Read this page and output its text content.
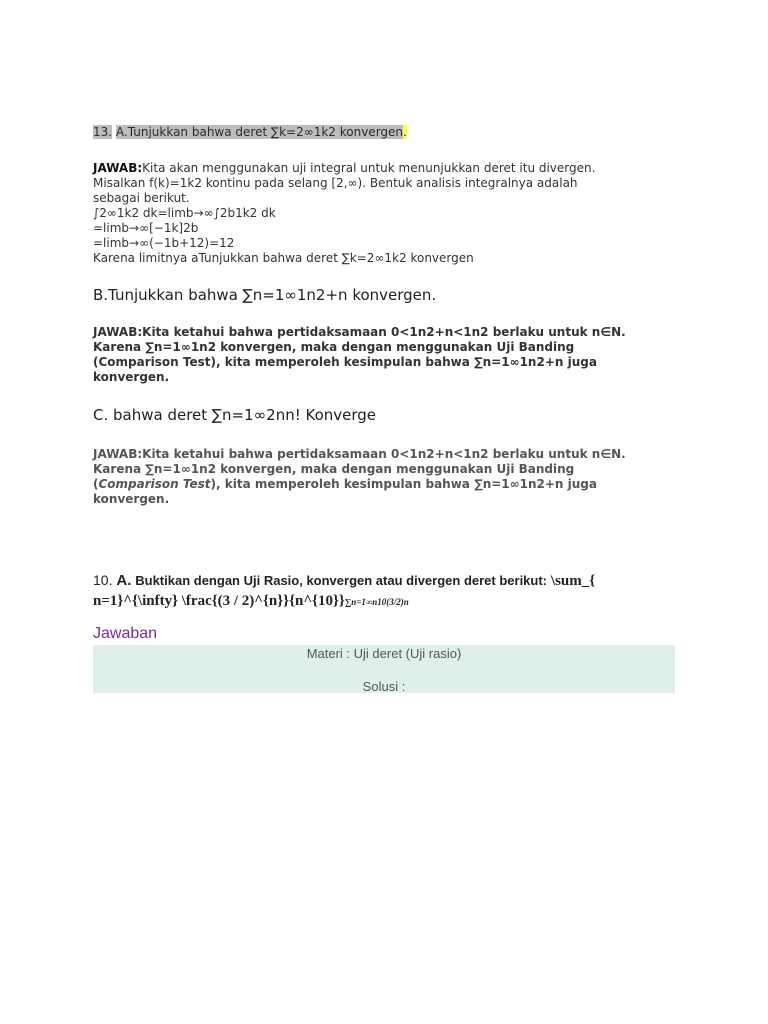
13. A.Tunjukkan bahwa deret ∑k=2∞1k2 konvergen.
JAWAB:Kita akan menggunakan uji integral untuk menunjukkan deret itu divergen.
Misalkan f(k)=1k2 kontinu pada selang [2,∞). Bentuk analisis integralnya adalah
sebagai berikut.
∫2∞1k2 dk=limb→∞∫2b1k2 dk
=limb→∞[−1k]2b
=limb→∞(−1b+12)=12
Karena limitnya aTunjukkan bahwa deret ∑k=2∞1k2 konvergen
B.Tunjukkan bahwa ∑n=1∞1n2+n konvergen.
JAWAB:Kita ketahui bahwa pertidaksamaan 0<1n2+n<1n2 berlaku untuk n∈N.
Karena ∑n=1∞1n2 konvergen, maka dengan menggunakan Uji Banding
(Comparison Test), kita memperoleh kesimpulan bahwa ∑n=1∞1n2+n juga
konvergen.
C. bahwa deret ∑n=1∞2nn! Konverge
JAWAB:Kita ketahui bahwa pertidaksamaan 0<1n2+n<1n2 berlaku untuk n∈N.
Karena ∑n=1∞1n2 konvergen, maka dengan menggunakan Uji Banding
(Comparison Test), kita memperoleh kesimpulan bahwa ∑n=1∞1n2+n juga
konvergen.
10. A. Buktikan dengan Uji Rasio, konvergen atau divergen deret berikut: \sum_{
n=1}^{\infty} \frac{(3 / 2)^{n}}{n^{10}}∑n=1∞n10(3/2)n
Jawaban
Materi : Uji deret (Uji rasio)
Solusi :
